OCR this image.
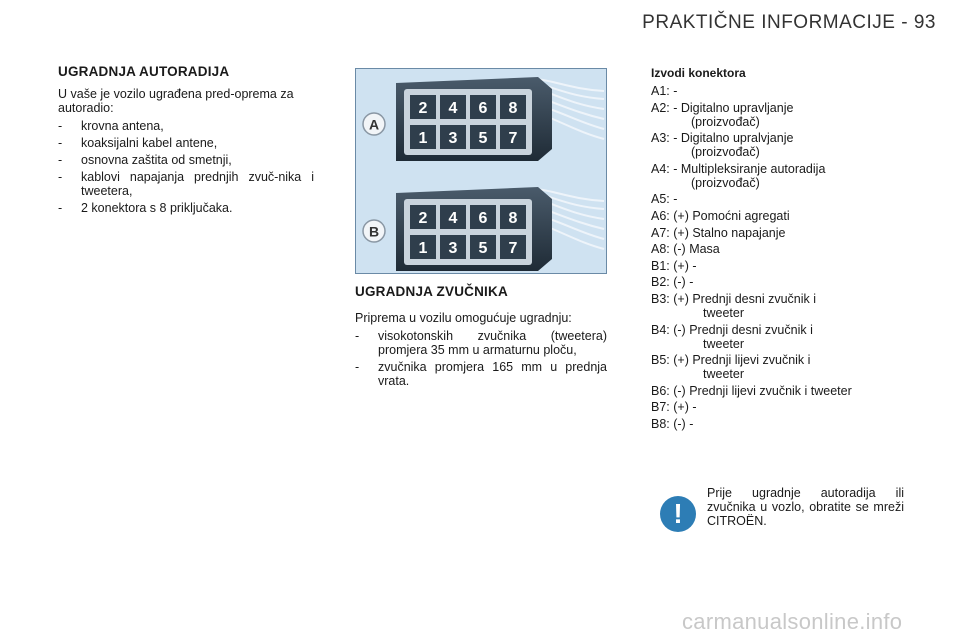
PRAKTIČNE INFORMACIJE - 93
UGRADNJA AUTORADIJA

U vaše je vozilo ugrađena pred-oprema za autoradio:

- krovna antena,
- koaksijalni kabel antene,
- osnovna zaštita od smetnji,
- kablovi napajanja prednjih zvuč-nika i tweetera,
- 2 konektora s 8 priključaka.
2 4 6 8
1 3 5 7
A
2 4 6 8
1 3 5 7
B
UGRADNJA ZVUČNIKA

Priprema u vozilu omogućuje ugradnju:

- visokotonskih zvučnika (tweetera) promjera 35 mm u armaturnu ploču,
- zvučnika promjera 165 mm u prednja vrata.
Izvodi konektora
A1: -
A2: - Digitalno upravljanje
(proizvođač)
A3: - Digitalno upralvjanje
(proizvođač)
A4: - Multipleksiranje autoradija
(proizvođač)
A5: -
A6: (+) Pomoćni agregati
A7: (+) Stalno napajanje
A8: (-) Masa
B1: (+) -
B2: (-) -
B3: (+) Prednji desni zvučnik i
tweeter
B4: (-) Prednji desni zvučnik i
tweeter
B5: (+) Prednji lijevi zvučnik i
tweeter
B6: (-) Prednji lijevi zvučnik i tweeter
B7: (+) -
B8: (-) -
!
Prije ugradnje autoradija ili zvučnika u vozlo, obratite se mreži CITROËN.
carmanualsonline.info
